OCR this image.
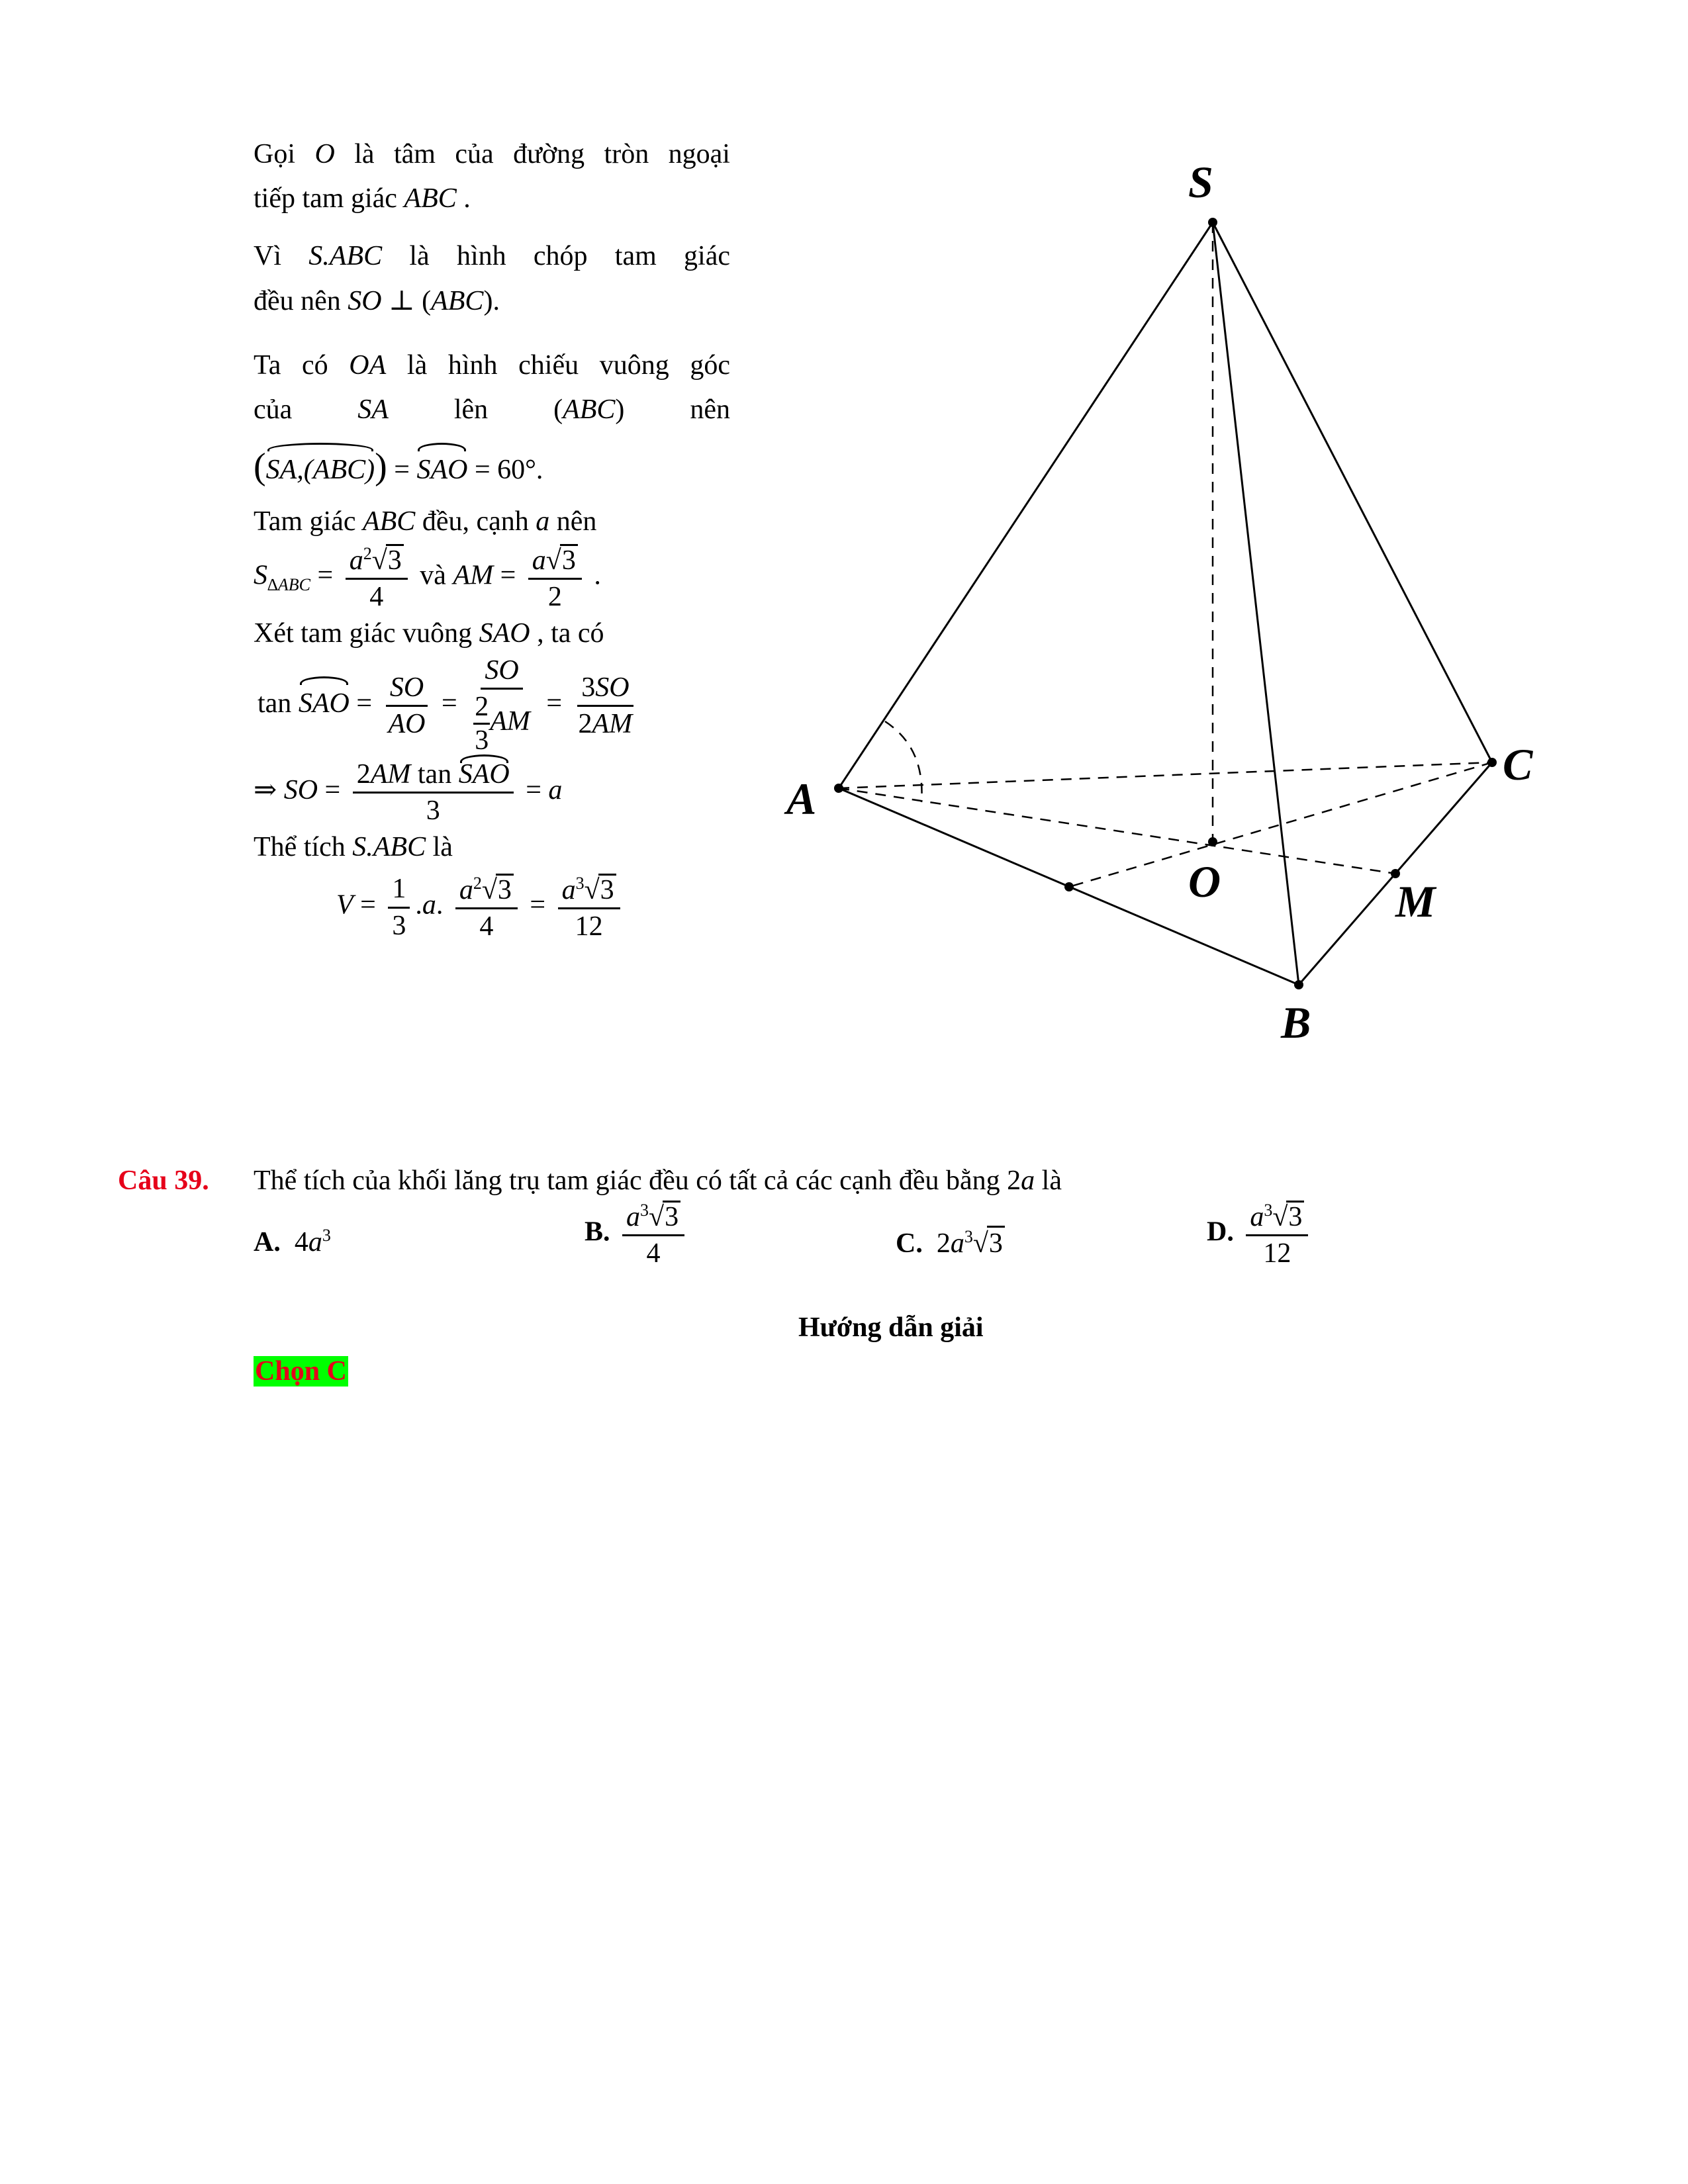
Gọi O là tâm của đường tròn ngoại
tiếp tam giác ABC .
Vì S.ABC là hình chóp tam giác
đều nên SO ⊥ (ABC).
Ta có OA là hình chiếu vuông góc
của SA lên (ABC) nên
(SA,(ABC)) = SAO = 60°.
Tam giác ABC đều, cạnh a nên
$S_{\Delta ABC} = \frac{a^2√3}{4}$ và AM = $\frac{a√3}{2}$ .
Xét tam giác vuông SAO , ta có
tan SAO = $\frac{SO}{AO} = \frac{SO}{\frac{2}{3} AM} = \frac{3SO}{2AM}$
⇒ SO = $\frac{\text{2AM tan SAO}}{3} = a$
Thể tích S.ABC là
$V = \frac{1}{3} .a$. $\frac{a^2√3}{4} = \frac{a^3√3}{12}$
S
A
B
C
O	M
Câu 39.	Thể tích của khối lăng trụ tam giác đều có tất cả các cạnh đều bằng 2a là
A.  $4a^3$	B. $\frac{a^3√3}{4}$	C.  $2a^3√3$	D. $\frac{a^3√3}{12}$
Hướng dẫn giải
Chọn C
